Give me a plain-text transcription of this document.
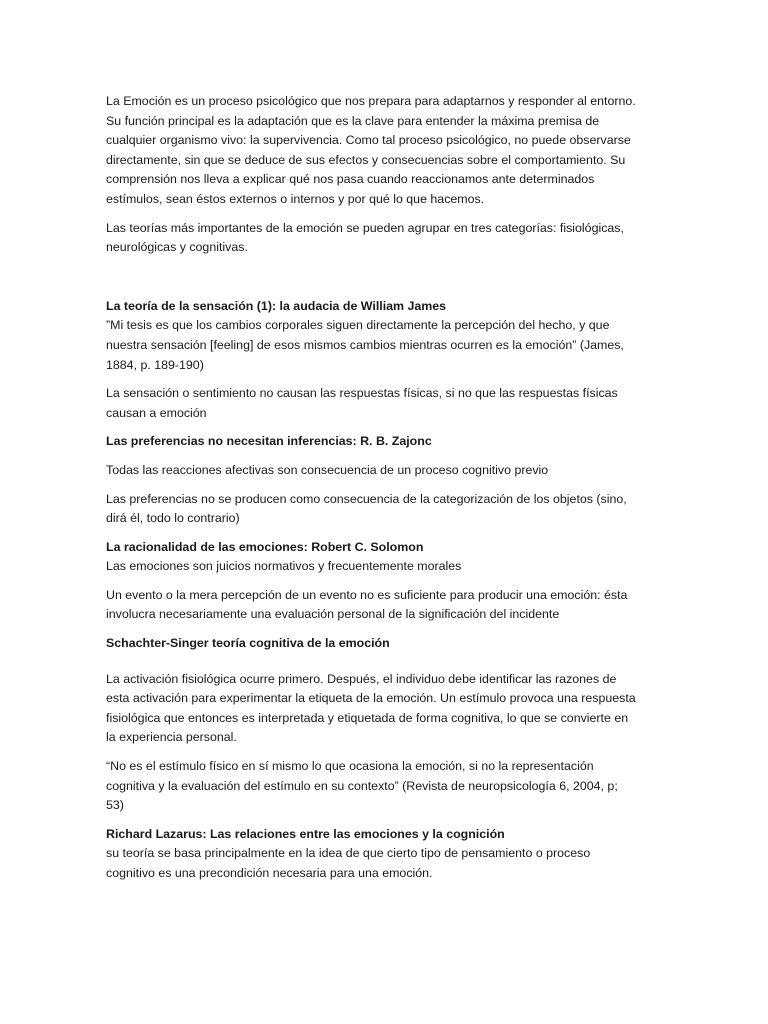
La Emoción es un proceso psicológico que nos prepara para adaptarnos y responder al entorno. Su función principal es la adaptación que es la clave para entender la máxima premisa de cualquier organismo vivo: la supervivencia. Como tal proceso psicológico, no puede observarse directamente, sin que se deduce de sus efectos y consecuencias sobre el comportamiento. Su comprensión nos lleva a explicar qué nos pasa cuando reaccionamos ante determinados estímulos, sean éstos externos o internos y por qué lo que hacemos.

Las teorías más importantes de la emoción se pueden agrupar en tres categorías: fisiológicas, neurológicas y cognitivas.

La teoría de la sensación (1): la audacia de William James

”Mi tesis es que los cambios corporales siguen directamente la percepción del hecho, y que nuestra sensación [feeling] de esos mismos cambios mientras ocurren es la emoción” (James, 1884, p. 189-190)

La sensación o sentimiento no causan las respuestas físicas, si no que las respuestas físicas causan a emoción

Las preferencias no necesitan inferencias: R. B. Zajonc

Todas las reacciones afectivas son consecuencia de un proceso cognitivo previo

Las preferencias no se producen como consecuencia de la categorización de los objetos (sino, dirá él, todo lo contrario)

La racionalidad de las emociones: Robert C. Solomon

Las emociones son juicios normativos y frecuentemente morales

Un evento o la mera percepción de un evento no es suficiente para producir una emoción: ésta involucra necesariamente una evaluación personal de la significación del incidente

Schachter-Singer teoría cognitiva de la emoción

La activación fisiológica ocurre primero. Después, el individuo debe identificar las razones de esta activación para experimentar la etiqueta de la emoción. Un estímulo provoca una respuesta fisiológica que entonces es interpretada y etiquetada de forma cognitiva, lo que se convierte en la experiencia personal.

“No es el estímulo físico en sí mismo lo que ocasiona la emoción, si no la representación cognitiva y la evaluación del estímulo en su contexto” (Revista de neuropsicología 6, 2004, p; 53)

Richard Lazarus: Las relaciones entre las emociones y la cognición

su teoría se basa principalmente en la idea de que cierto tipo de pensamiento o proceso cognitivo es una precondición necesaria para una emoción.
